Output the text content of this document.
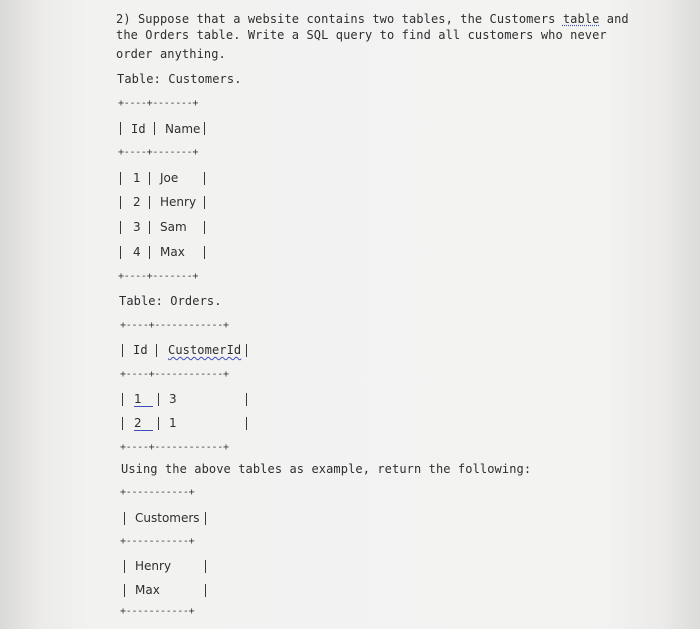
2) Suppose that a website contains two tables, the Customers table and
the Orders table. Write a SQL query to find all customers who never
order anything.
Table: Customers.
+----+-------+
Id Name
+----+-------+
1 Joe
2 Henry
3 Sam
4 Max
+----+-------+
Table: Orders.
+----+------------+
Id CustomerId
+----+------------+
1	3
2	1
+----+------------+
Using the above tables as example, return the following:
+-----------+
Customers
+-----------+
Henry
Max
+-----------+
